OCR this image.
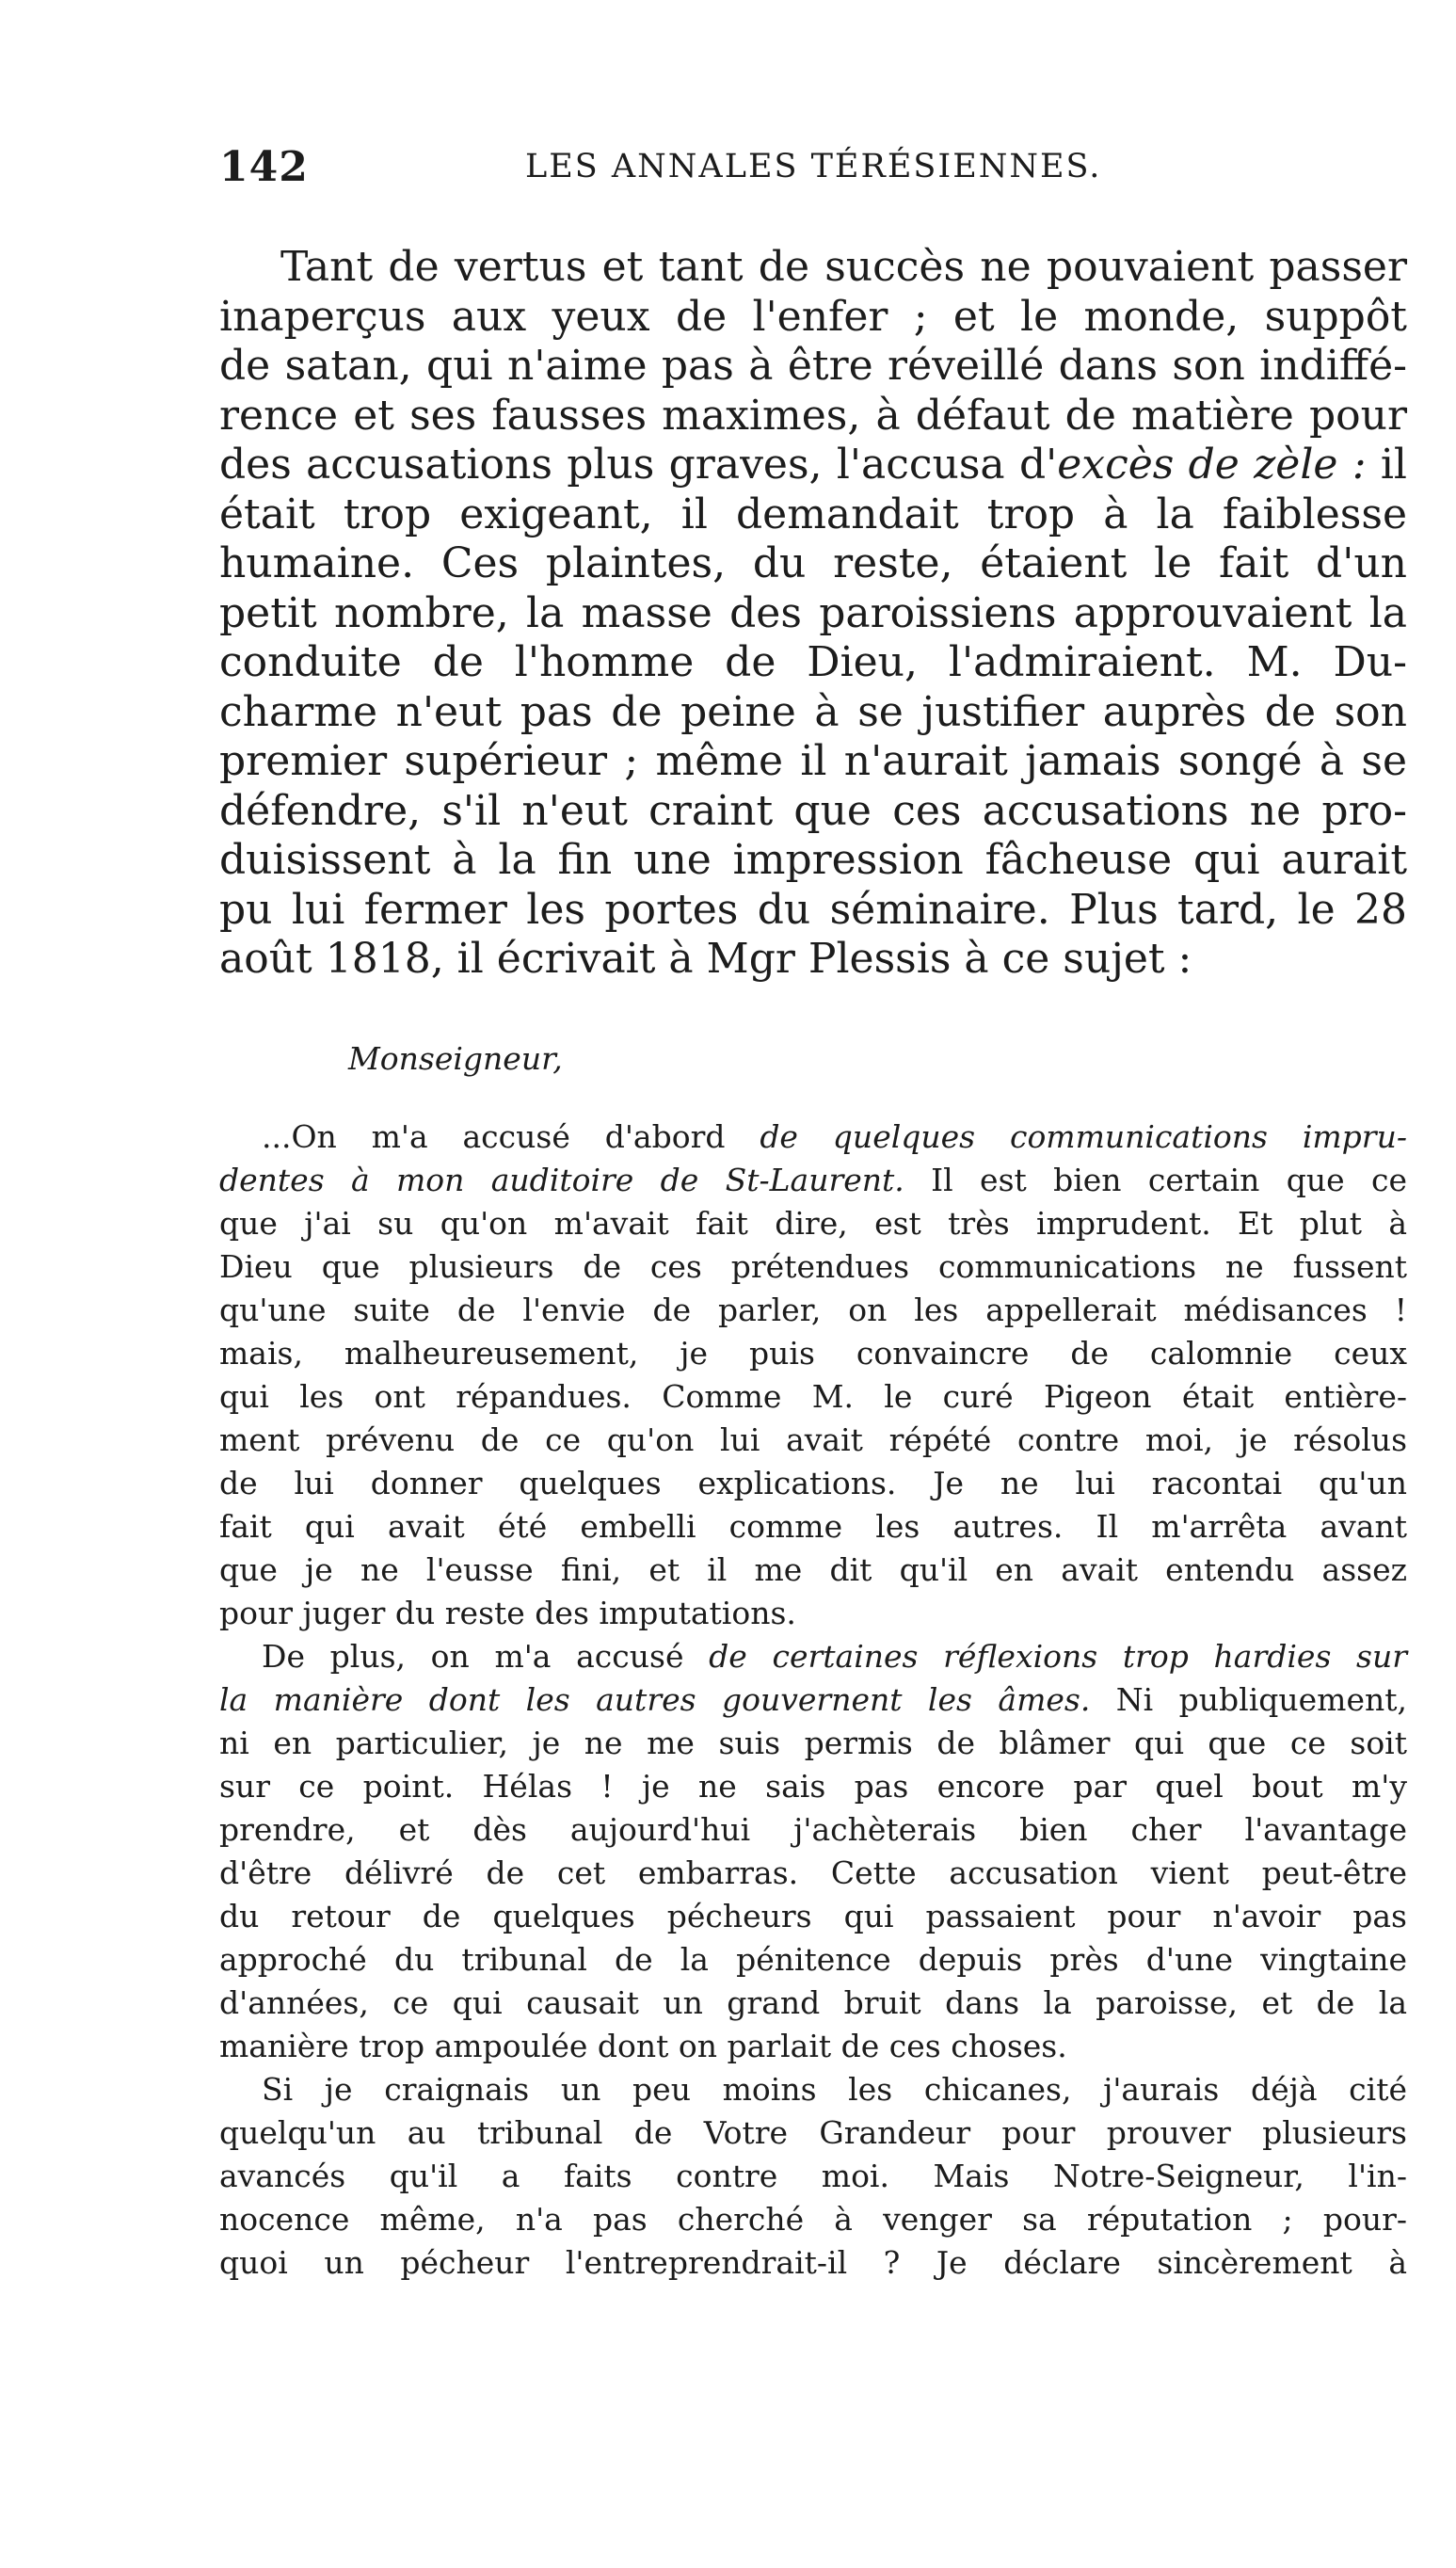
142	LES ANNALES TÉRÉSIENNES.
Tant de vertus et tant de succès ne pouvaient passer
inaperçus aux yeux de l'enfer ; et le monde, suppôt
de satan, qui n'aime pas à être réveillé dans son indiffé-
rence et ses fausses maximes, à défaut de matière pour
des accusations plus graves, l'accusa d'excès de zèle : il
était trop exigeant, il demandait trop à la faiblesse
humaine. Ces plaintes, du reste, étaient le fait d'un
petit nombre, la masse des paroissiens approuvaient la
conduite de l'homme de Dieu, l'admiraient. M. Du-
charme n'eut pas de peine à se justifier auprès de son
premier supérieur ; même il n'aurait jamais songé à se
défendre, s'il n'eut craint que ces accusations ne pro-
duisissent à la fin une impression fâcheuse qui aurait
pu lui fermer les portes du séminaire. Plus tard, le 28
août 1818, il écrivait à Mgr Plessis à ce sujet :
Monseigneur,
...On m'a accusé d'abord de quelques communications impru-
dentes à mon auditoire de St-Laurent. Il est bien certain que ce
que j'ai su qu'on m'avait fait dire, est très imprudent. Et plut à
Dieu que plusieurs de ces prétendues communications ne fussent
qu'une suite de l'envie de parler, on les appellerait médisances !
mais, malheureusement, je puis convaincre de calomnie ceux
qui les ont répandues. Comme M. le curé Pigeon était entière-
ment prévenu de ce qu'on lui avait répété contre moi, je résolus
de lui donner quelques explications. Je ne lui racontai qu'un
fait qui avait été embelli comme les autres. Il m'arrêta avant
que je ne l'eusse fini, et il me dit qu'il en avait entendu assez
pour juger du reste des imputations.
De plus, on m'a accusé de certaines réflexions trop hardies sur
la manière dont les autres gouvernent les âmes. Ni publiquement,
ni en particulier, je ne me suis permis de blâmer qui que ce soit
sur ce point. Hélas ! je ne sais pas encore par quel bout m'y
prendre, et dès aujourd'hui j'achèterais bien cher l'avantage
d'être délivré de cet embarras. Cette accusation vient peut-être
du retour de quelques pécheurs qui passaient pour n'avoir pas
approché du tribunal de la pénitence depuis près d'une vingtaine
d'années, ce qui causait un grand bruit dans la paroisse, et de la
manière trop ampoulée dont on parlait de ces choses.
Si je craignais un peu moins les chicanes, j'aurais déjà cité
quelqu'un au tribunal de Votre Grandeur pour prouver plusieurs
avancés qu'il a faits contre moi. Mais Notre-Seigneur, l'in-
nocence même, n'a pas cherché à venger sa réputation ; pour-
quoi un pécheur l'entreprendrait-il ? Je déclare sincèrement à
